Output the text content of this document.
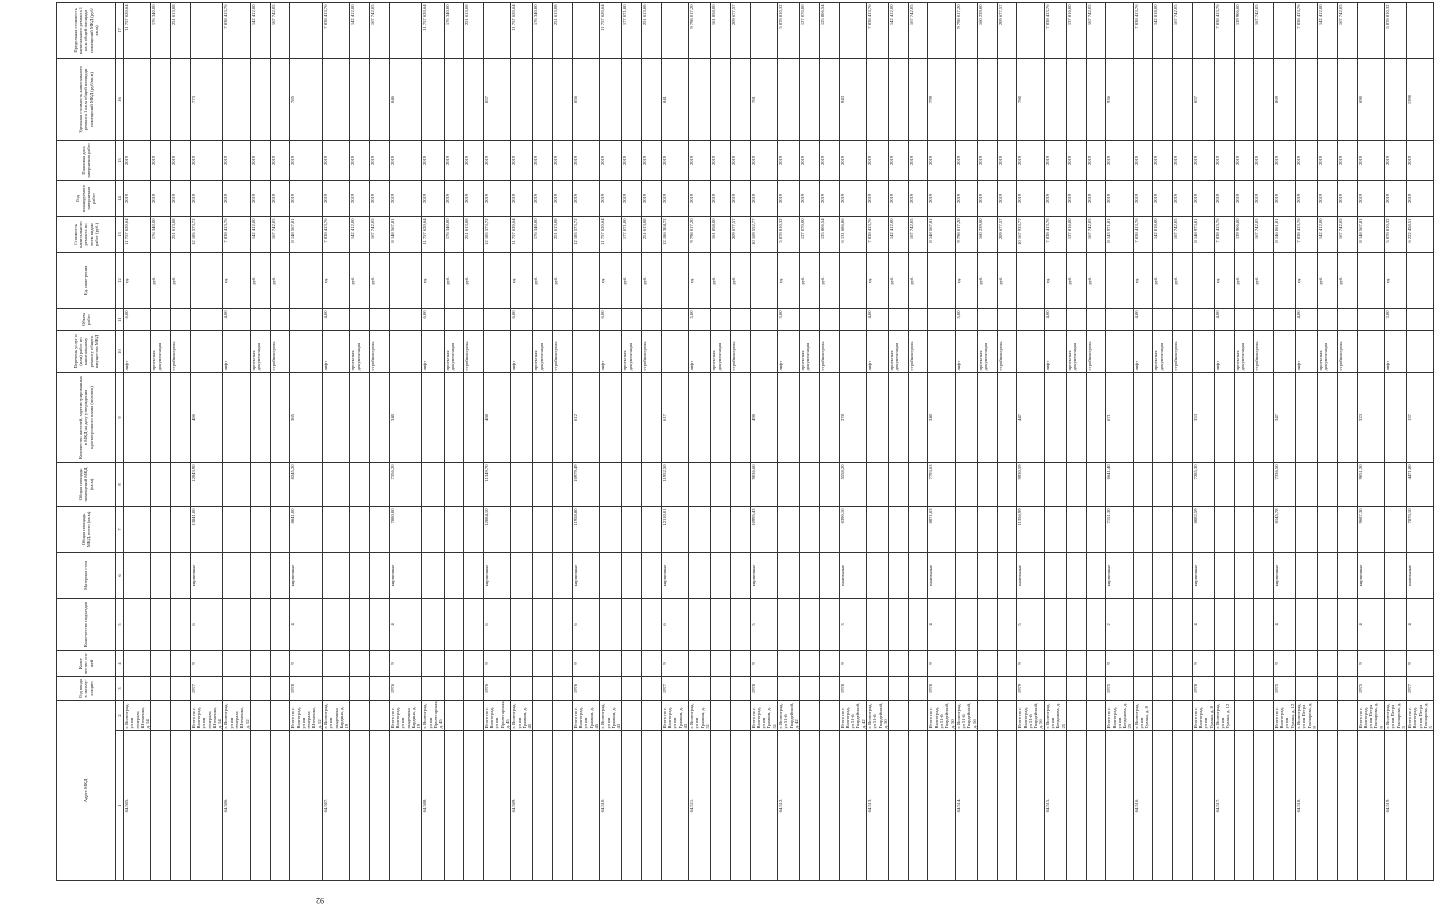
92
Адрес МКД		Год ввода в эксплу-атацию	Коли-чество эта-жей	Коли-чество подъездов	Материал стен	Общая площадь МКД, всего (кв.м)	Общая площадь помещений МКД (кв.м)	Количество жителей, зарегистрированных в МКД на дату утверждения краткосрочного плана (человек)	Перечень услуг и (или) работ по капитальному ремонту общего имущества МКД	Объем работ	Ед. изме-рения	Стоимость капитального ремонта по всем видам работ (руб.)	Год планируемого завершения работ	Плановая дата завершения работ	Удельная стоимость капитального ремонта 1 кв.м общей площади помещений МКД (руб/кв.м)	Предельная стоимость капитального ремонта 1 кв.м общей площади помещений МКД (руб/кв.м)
1	2	3	4	5	6	7	8	9	10	11	12	13	14	15	16	17
64.505.	г. Волгоград, ул им генерала Штеменко, д. 54								лифт	6,00	ед.	11 757 620,64	2019	2019		11 757 620,64
									проектная документация		руб.	176 340,00	2019	2019		176 340,00
									стройконтроль		руб.	251 613,08	2019	2019		251 613,08
	Итого по г. Волгоград, ул им генерала Штеменко, д. 54	1977	9	6	кирпичные	13841,00	12043,90	486				12 185 573,72	2019	2019	773	
64.506.	г. Волгоград, ул им генерала Штеменко, д. 52								лифт	4,00	ед.	7 838 413,76	2019	2019		7 838 413,76
									проектная документация		руб.	142 412,00	2019	2019		142 412,00
									стройконтроль		руб.	167 742,05	2019	2019		167 742,05
	Итого по г. Волгоград, ул им генерала Штеменко, д. 52	1978	9	4	кирпичные	8841,00	8245,20	385				8 148 567,81	2019	2019	785	
64.507.	г. Волгоград, ул им академика Бардина, д. 19								лифт	4,00	ед.	7 838 413,76	2019	2019		7 838 413,76
									проектная документация		руб.	142 412,00	2019	2019		142 412,00
									стройконтроль		руб.	167 742,05	2019	2019		167 742,05
	Итого по г. Волгоград, ул им академика Бардина, д. 19	1976	9	4	кирпичные	7880,00	7356,20	340				8 148 567,81	2019	2019	846	
64.508.	г. Волгоград, ул им Пролетарская, д. 45								лифт	6,00	ед.	11 757 620,64	2019	2019		11 757 620,64
									проектная документация		руб.	176 340,00	2019	2019		176 340,00
									стройконтроль		руб.	251 613,08	2019	2019		251 613,08
	Итого по г. Волгоград, ул им Пролетарская, д. 45	1976	9	6	кирпичные	12084,10	11349,70	488				12 185 573,72	2019	2019	857	
64.509.	г. Волгоград, ул им Грамши, д. 45								лифт	6,00	ед.	11 757 620,64	2019	2019		11 757 620,64
									проектная документация		руб.	176 340,00	2019	2019		176 340,00
									стройконтроль		руб.	251 613,08	2019	2019		251 613,08
	Итого по г. Волгоград, ул им Грамши, д. 45	1976	9	6	кирпичные	11958,80	10979,49	612				12 185 573,72	2019	2019	856	
64.510.	г. Волгоград, ул им Грамши, д. 43								лифт	6,00	ед.	11 757 620,64	2019	2019		11 757 620,64
									проектная документация		руб.	177 071,00	2019	2019		177 071,00
									стройконтроль		руб.	251 613,08	2019	2019		251 613,08
	Итого по г. Волгоград, ул им Грамши, д. 43	1977	9	6	кирпичные	12110,01	11952,50	617				12 186 304,72	2019	2019	841	
64.511.	г. Волгоград, ул им Грамши, д. 51								лифт	5,00	ед.	9 798 017,20	2019	2019		9 798 017,20
									проектная документация		руб.	161 858,00	2019	2019		161 858,00
									стройконтроль		руб.	209 677,57	2019	2019		209 677,57
	Итого по г. Волгоград, ул им Грамши, д. 51	1978	9	5	кирпичные	10995,43	9036,60	498				10 169 552,77	2019	2019	781	
64.512.	г. Волгоград, ул 51-й Гвардейской, д. 42								лифт	3,00	ед.	5 878 810,32	2019	2019		5 878 810,32
									проектная документация		руб.	127 070,00	2019	2019		127 070,00
									стройконтроль		руб.	125 806,54	2019	2019		125 806,54
	Итого по г. Волгоград, ул 51-й Гвардейской, д. 42	1978	9	3	панельные	6390,10	5558,20	278				6 131 686,86	2019	2019	943	
64.513.	г. Волгоград, ул 51-й Гвардейской, д. 50								лифт	4,00	ед.	7 838 413,76	2019	2019		7 838 413,76
									проектная документация		руб.	142 412,00	2019	2019		142 412,00
									стройконтроль		руб.	167 742,05	2019	2019		167 742,05
	Итого по г. Волгоград, ул 51-й Гвардейской, д. 50	1978	9	4	панельные	8871,63	7793,63	340				8 148 567,81	2019	2019	799	
64.514.	г. Волгоград, ул 51-й Гвардейской, д. 56								лифт	5,00	ед.	9 798 017,20	2019	2019		9 798 017,20
									проектная документация		руб.	160 239,00	2019	2019		160 239,00
									стройконтроль		руб.	209 677,57	2019	2019		209 677,57
	Итого по г. Волгоград, ул 51-й Гвардейской, д. 56	1979	9	5	панельные	11356,99	9930,59	447				10 167 933,77	2019	2019	780	
64.515.	г. Волгоград, ул им Богданова, д. 25								лифт	4,00	ед.	7 838 413,76	2019	2019		7 838 413,76
									проектная документация		руб.	137 816,00	2019	2019		137 816,00
									стройконтроль		руб.	167 742,05	2019	2019		167 742,05
	Итого по г. Волгоград, ул им Богданова, д. 25	1975	9	2	кирпичные	7151,30	6641,40	671				8 143 971,81	2019	2019	936	
64.516.	г. Волгоград, ул им Тулака, д. 8								лифт	4,00	ед.	7 838 413,76	2019	2019		7 838 413,76
									проектная документация		руб.	142 818,00	2019	2019		142 818,00
									стройконтроль		руб.	167 742,05	2019	2019		167 742,05
	Итого по г. Волгоград, ул им Тулака, д. 8	1978	9	4	кирпичные	8082,59	7285,30	353				8 148 973,81	2019	2019	857	
64.517.	г. Волгоград, ул им Тулака, д. 12								лифт	4,00	ед.	7 838 413,76	2019	2019		7 838 413,76
									проектная документация		руб.	139 906,00	2019	2019		139 906,00
									стройконтроль		руб.	167 742,05	2019	2019		167 742,05
	Итого по г. Волгоград, ул им Тулака, д. 12	1975	9	4	кирпичные	8145,78	7336,50	347				8 146 061,81	2019	2019	869	
64.518.	г. Волгоград, ул им Петра Гончарова, д. 9								лифт	4,00	ед.	7 838 413,76	2019	2019		7 838 413,76
									проектная документация		руб.	142 412,00	2019	2019		142 412,00
									стройконтроль		руб.	167 742,05	2019	2019		167 742,05
	Итого по г. Волгоград, ул им Петра Гончарова, д. 9	1975	9	4	кирпичные	9687,30	9051,30	323				8 148 567,81	2019	2019	690	
64.519.	г. Волгоград, ул им Петра Гончарова, д. 5								лифт	3,00	ед.	5 878 810,32	2019	2019		5 878 810,32
	Итого по г. Волгоград, ул им Петра Гончарова, д. 5	1977	9	4	панельные	7870,10	4471,80	137				6 222 458,51	2019	2019	1390	
